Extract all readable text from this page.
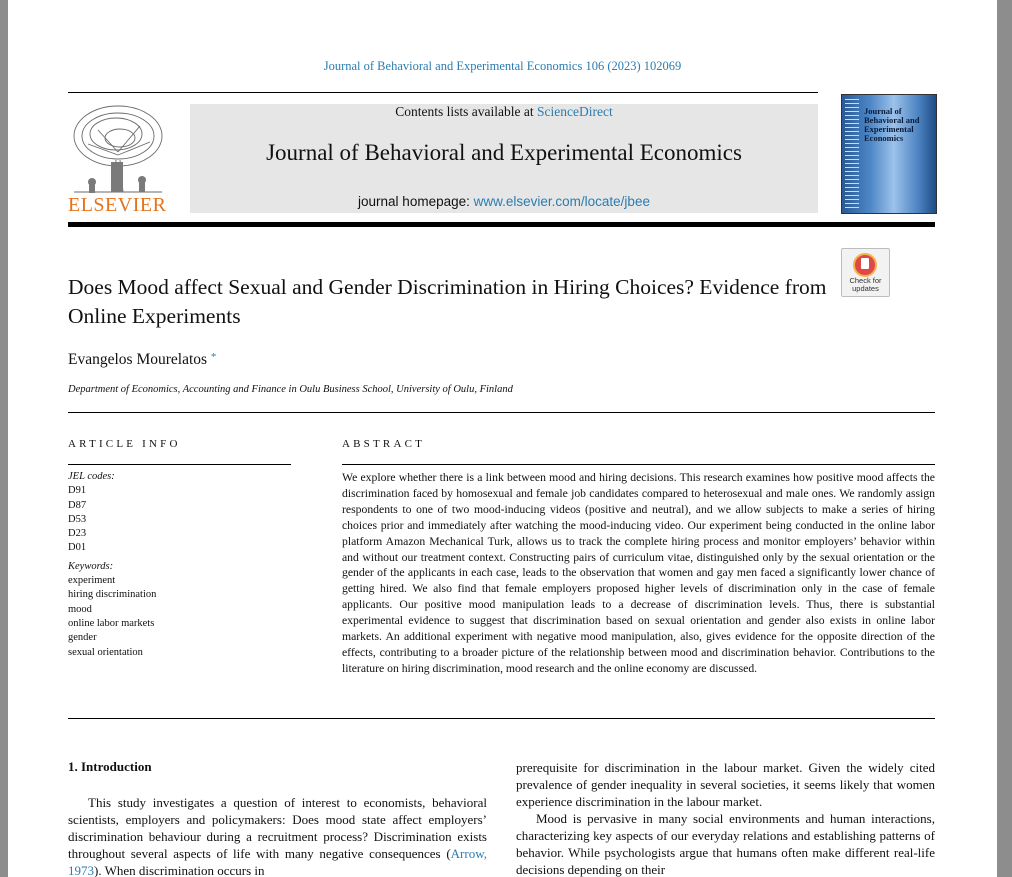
Journal of Behavioral and Experimental Economics 106 (2023) 102069
ELSEVIER
Contents lists available at ScienceDirect
Journal of Behavioral and Experimental Economics
journal homepage: www.elsevier.com/locate/jbee
Journal of Behavioral and Experimental Economics
Check for updates
Does Mood affect Sexual and Gender Discrimination in Hiring Choices? Evidence from Online Experiments
Evangelos Mourelatos *
Department of Economics, Accounting and Finance in Oulu Business School, University of Oulu, Finland
ARTICLE INFO	ABSTRACT
JEL codes:
D91
D87
D53
D23
D01
Keywords:
experiment
hiring discrimination
mood
online labor markets
gender
sexual orientation
We explore whether there is a link between mood and hiring decisions. This research examines how positive mood affects the discrimination faced by homosexual and female job candidates compared to heterosexual and male ones. We randomly assign respondents to one of two mood-inducing videos (positive and neutral), and we allow subjects to make a series of hiring choices prior and immediately after watching the mood-inducing video. Our experiment being conducted in the online labor platform Amazon Mechanical Turk, allows us to track the complete hiring process and monitor employers’ behavior within and without our treatment context. Constructing pairs of curriculum vitae, distinguished only by the sexual orientation or the gender of the applicants in each case, leads to the observation that women and gay men faced a significantly lower chance of getting hired. We also find that female employers proposed higher levels of discrimination only in the case of female applicants. Our positive mood manipulation leads to a decrease of discrimination levels. Thus, there is substantial experimental evidence to suggest that discrimination based on sexual orientation and gender also exists in online labor markets. An additional experiment with negative mood manipulation, also, gives evidence for the opposite direction of the effects, contributing to a broader picture of the relationship between mood and discrimination behavior. Contributions to the literature on hiring discrimination, mood research and the online economy are discussed.
1. Introduction
This study investigates a question of interest to economists, behavioral scientists, employers and policymakers: Does mood state affect employers’ discrimination behaviour during a recruitment process? Discrimination exists throughout several aspects of life with many negative consequences (Arrow, 1973). When discrimination occurs in

prerequisite for discrimination in the labour market. Given the widely cited prevalence of gender inequality in several societies, it seems likely that women experience discrimination in the labour market.

Mood is pervasive in many social environments and human interactions, characterizing key aspects of our everyday relations and establishing patterns of behavior. While psychologists argue that humans often make different real-life decisions depending on their
